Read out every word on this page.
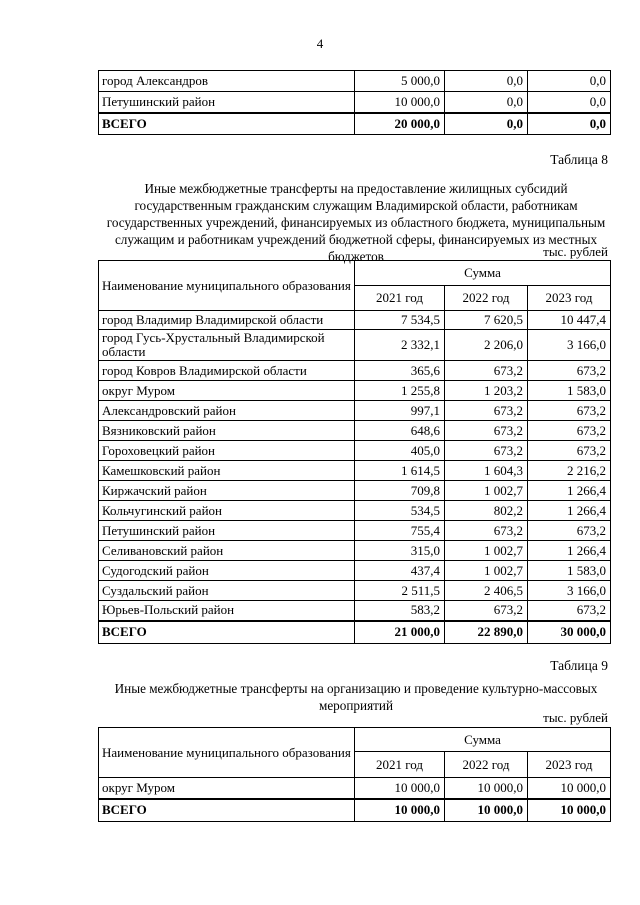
4
город Александров	5 000,0	0,0	0,0
Петушинский район	10 000,0	0,0	0,0
ВСЕГО	20 000,0	0,0	0,0
Таблица 8
Иные межбюджетные трансферты на предоставление жилищных субсидий государственным гражданским служащим Владимирской области, работникам государственных учреждений, финансируемых из областного бюджета, муниципальным служащим и работникам учреждений бюджетной сферы, финансируемых из местных бюджетов	тыс. рублей
Наименование муниципального образования	Сумма		
	2021 год	2022 год	2023 год
город Владимир Владимирской области	7 534,5	7 620,5	10 447,4
город Гусь-Хрустальный Владимирской области	2 332,1	2 206,0	3 166,0
город Ковров Владимирской области	365,6	673,2	673,2
округ Муром	1 255,8	1 203,2	1 583,0
Александровский район	997,1	673,2	673,2
Вязниковский район	648,6	673,2	673,2
Гороховецкий район	405,0	673,2	673,2
Камешковский район	1 614,5	1 604,3	2 216,2
Киржачский район	709,8	1 002,7	1 266,4
Кольчугинский район	534,5	802,2	1 266,4
Петушинский район	755,4	673,2	673,2
Селивановский район	315,0	1 002,7	1 266,4
Судогодский район	437,4	1 002,7	1 583,0
Суздальский район	2 511,5	2 406,5	3 166,0
Юрьев-Польский район	583,2	673,2	673,2
ВСЕГО	21 000,0	22 890,0	30 000,0
Таблица 9
Иные межбюджетные трансферты на организацию и проведение культурно-массовых мероприятий
тыс. рублей
Наименование муниципального образования	Сумма		
	2021 год	2022 год	2023 год
округ Муром	10 000,0	10 000,0	10 000,0
ВСЕГО	10 000,0	10 000,0	10 000,0
